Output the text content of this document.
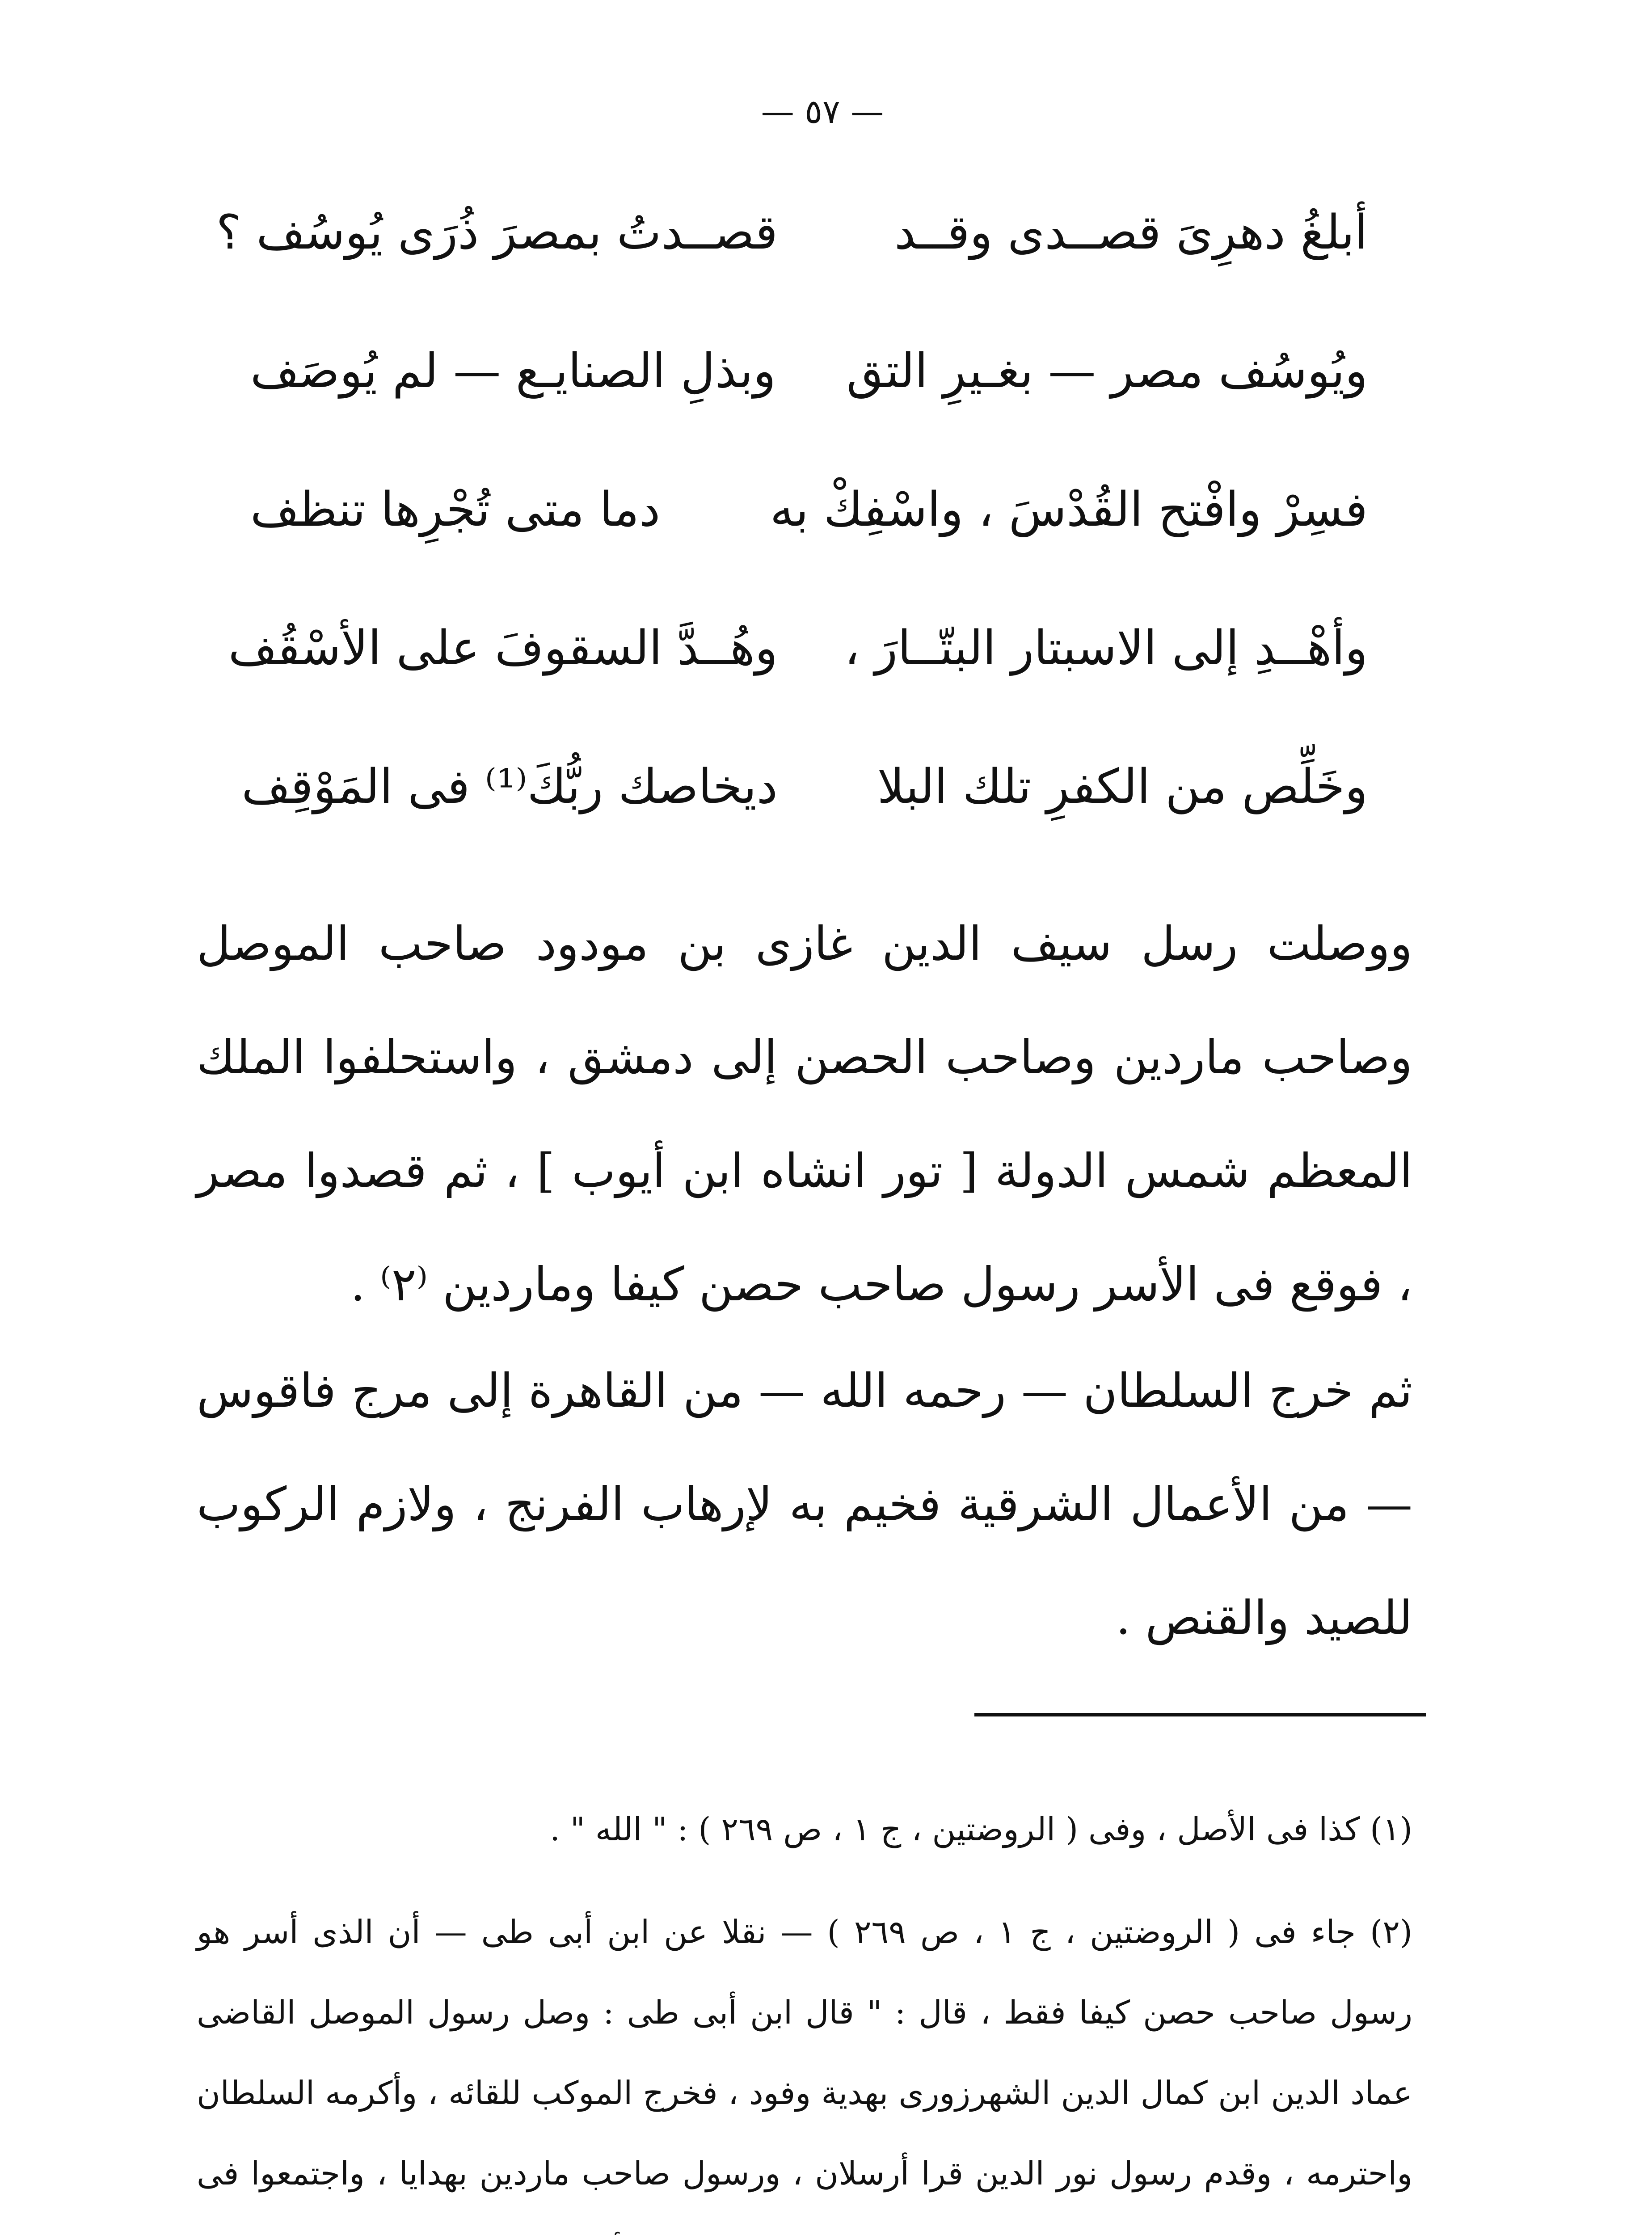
— ٥٧ —
أبلغُ دهرِىَ قصــدى وقــد
قصــدتُ بمصرَ ذُرَى يُوسُف ؟
ويُوسُف مصر — بغـيرِ التق
وبذلِ الصنايـع — لم يُوصَف
فسِرْ وافْتح القُدْسَ ، واسْفِكْ به
دما متى تُجْرِها تنظف
وأهْــدِ إلى الاسبتار البتّــارَ ،
وهُــدَّ السقوفَ على الأسْقُف
وخَلِّص من الكفرِ تلك البلا
ديخاصك ربُّكَ⁽¹⁾ فى المَوْقِف

ووصلت رسل سيف الدين غازى بن مودود صاحب الموصل وصاحب ماردين وصاحب الحصن إلى دمشق ، واستحلفوا الملك المعظم شمس الدولة [ تور انشاه ابن أيوب ] ، ثم قصدوا مصر ، فوقع فى الأسر رسول صاحب حصن كيفا وماردين ⁽٢⁾ .

ثم خرج السلطان — رحمه الله — من القاهرة إلى مرج فاقوس — من الأعمال الشرقية فخيم به لإرهاب الفرنج ، ولازم الركوب للصيد والقنص .

(١) كذا فى الأصل ، وفى ( الروضتين ، ج ١ ، ص ٢٦٩ ) : " الله " .

(٢) جاء فى ( الروضتين ، ج ١ ، ص ٢٦٩ ) — نقلا عن ابن أبى طى — أن الذى أسر هو رسول صاحب حصن كيفا فقط ، قال : " قال ابن أبى طى : وصل رسول الموصل القاضى عماد الدين ابن كمال الدين الشهرزورى بهدية وفود ، فخرج الموكب للقائه ، وأكرمه السلطان واحترمه ، وقدم رسول نور الدين قرا أرسلان ، ورسول صاحب ماردين بهدايا ، واجتمعوا فى
